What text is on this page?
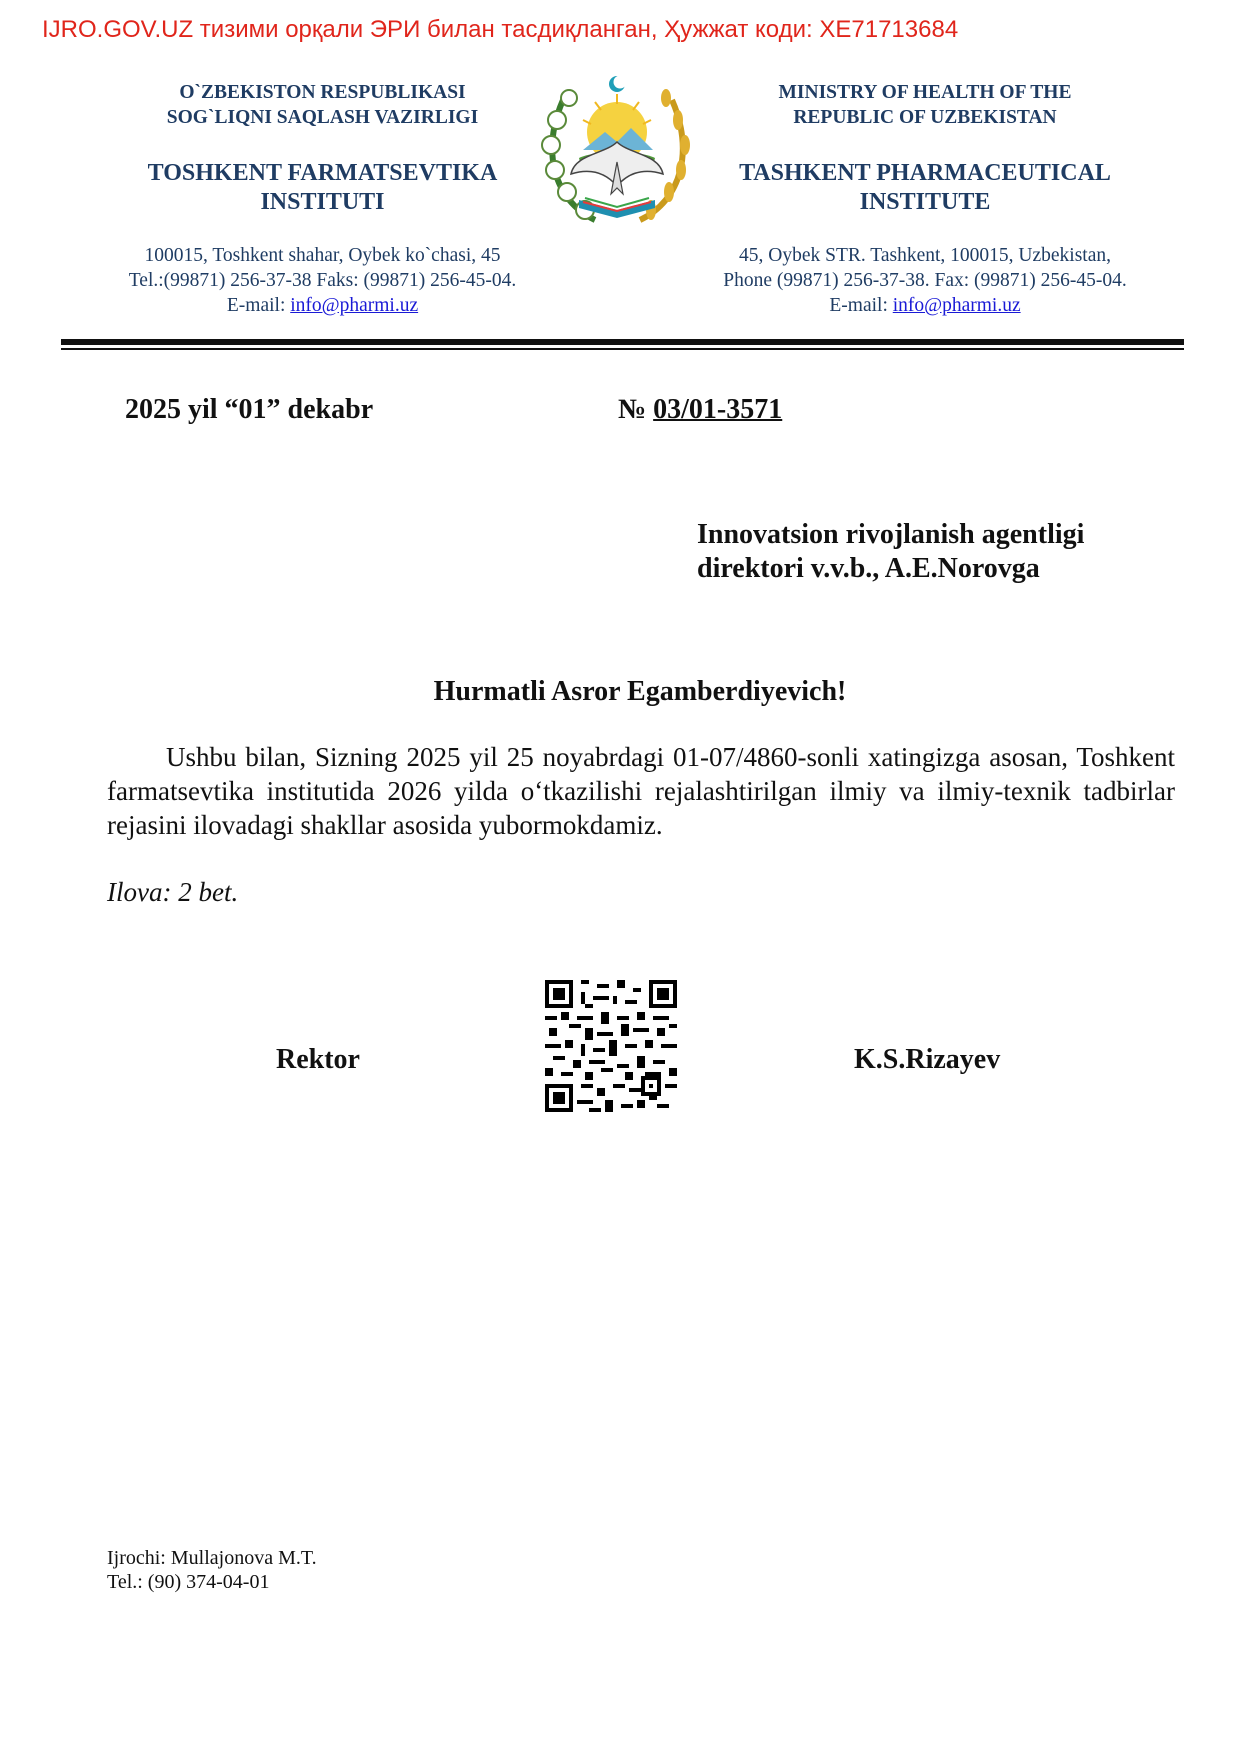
IJRO.GOV.UZ тизими орқали ЭРИ билан тасдиқланган, Ҳужжат коди: XE71713684
O`ZBEKISTON RESPUBLIKASI
SOG`LIQNI SAQLASH VAZIRLIGI
TOSHKENT FARMATSEVTIKA
INSTITUTI
100015, Toshkent shahar, Oybek ko`chasi, 45
Tel.:(99871) 256-37-38 Faks: (99871) 256-45-04.
E-mail: info@pharmi.uz
MINISTRY OF HEALTH OF THE
REPUBLIC OF UZBEKISTAN
TASHKENT PHARMACEUTICAL
INSTITUTE
45, Oybek STR. Tashkent, 100015, Uzbekistan,
Phone (99871) 256-37-38. Fax: (99871) 256-45-04.
E-mail: info@pharmi.uz
2025 yil “01” dekabr	№ 03/01-3571
Innovatsion rivojlanish agentligi
direktori v.v.b., A.E.Norovga
Hurmatli Asror Egamberdiyevich!
Ushbu bilan, Sizning 2025 yil 25 noyabrdagi 01-07/4860-sonli xatingizga asosan, Toshkent farmatsevtika institutida 2026 yilda o‘tkazilishi rejalashtirilgan ilmiy va ilmiy-texnik tadbirlar rejasini ilovadagi shakllar asosida yubormokdamiz.
Ilova: 2 bet.
Rektor	K.S.Rizayev
Ijrochi: Mullajonova M.T.
Tel.: (90) 374-04-01
